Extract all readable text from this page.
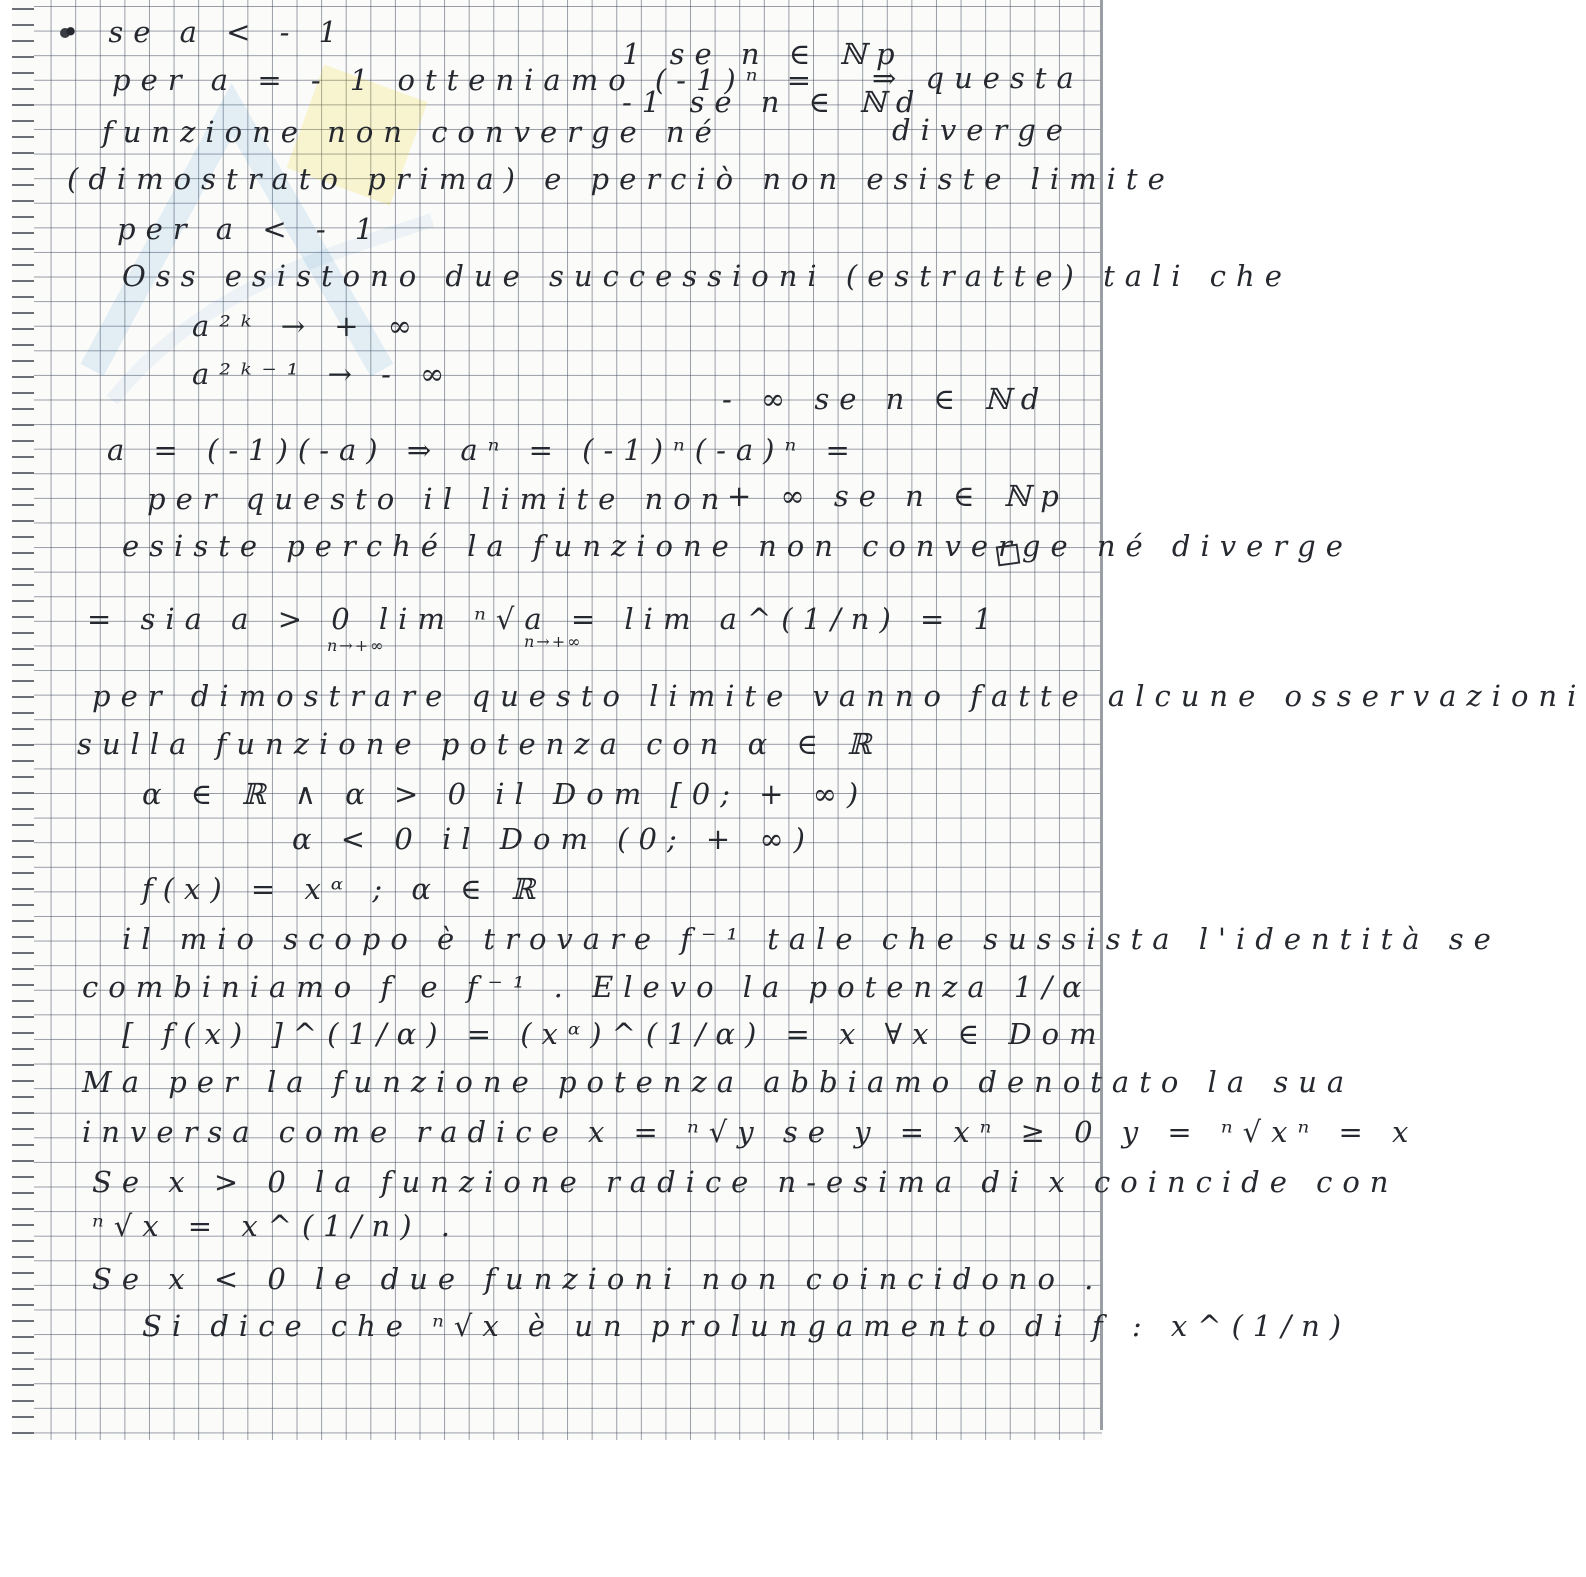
• se a < - 1
per a = - 1 otteniamo (-1)ⁿ =
1 se n ∈ ℕp
-1 se n ∈ ℕd
⇒ questa
funzione non converge né	diverge
(dimostrato prima) e perciò non esiste limite
per a < - 1
Oss esistono due successioni (estratte) tali che
a²ᵏ → + ∞
a²ᵏ⁻¹ → - ∞
- ∞ se n ∈ ℕd
a = (-1)(-a) ⇒ aⁿ = (-1)ⁿ(-a)ⁿ =
+ ∞ se n ∈ ℕp
per questo il limite non
esiste perché la funzione non converge né diverge
= sia a > 0 lim ⁿ√a = lim a^(1/n) = 1
n→+∞	n→+∞
per dimostrare questo limite vanno fatte alcune osservazioni
sulla funzione potenza con α ∈ ℝ
α ∈ ℝ ∧ α > 0 il Dom [0; + ∞)
α < 0 il Dom (0; + ∞)
f(x) = xᵅ ; α ∈ ℝ
il mio scopo è trovare f⁻¹ tale che sussista l'identità se
combiniamo f e f⁻¹ . Elevo la potenza 1/α
[ f(x) ]^(1/α) = (xᵅ)^(1/α) = x ∀x ∈ Dom
Ma per la funzione potenza abbiamo denotato la sua
inversa come radice x = ⁿ√y se y = xⁿ ≥ 0 y = ⁿ√xⁿ = x
Se x > 0 la funzione radice n-esima di x coincide con
ⁿ√x = x^(1/n) .
Se x < 0 le due funzioni non coincidono .
Si dice che ⁿ√x è un prolungamento di f : x^(1/n)
